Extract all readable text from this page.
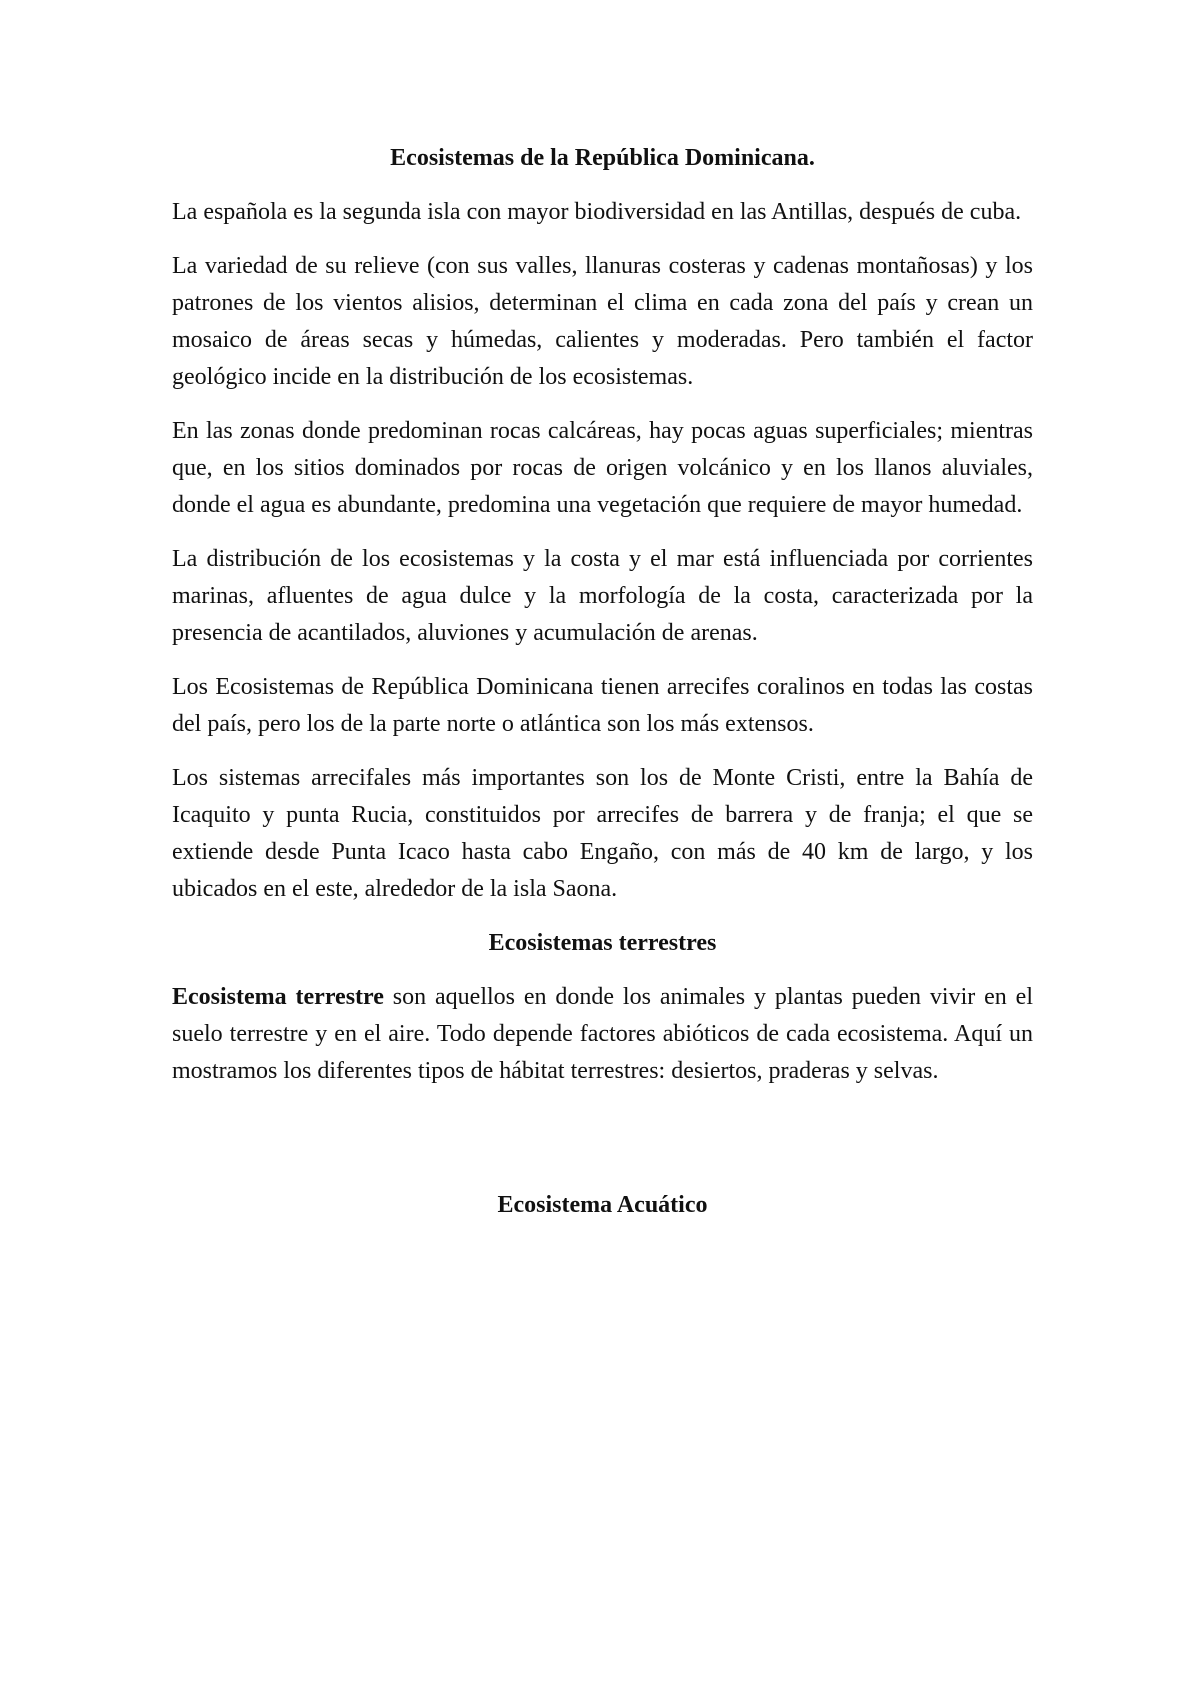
Ecosistemas de la República Dominicana.

La española es la segunda isla con mayor biodiversidad en las Antillas, después de cuba.

La variedad de su relieve (con sus valles, llanuras costeras y cadenas montañosas) y los patrones de los vientos alisios, determinan el clima en cada zona del país y crean un mosaico de áreas secas y húmedas, calientes y moderadas. Pero también el factor geológico incide en la distribución de los ecosistemas.

En las zonas donde predominan rocas calcáreas, hay pocas aguas superficiales; mientras que, en los sitios dominados por rocas de origen volcánico y en los llanos aluviales, donde el agua es abundante, predomina una vegetación que requiere de mayor humedad.

La distribución de los ecosistemas y la costa y el mar está influenciada por corrientes marinas, afluentes de agua dulce y la morfología de la costa, caracterizada por la presencia de acantilados, aluviones y acumulación de arenas.

Los Ecosistemas de República Dominicana tienen arrecifes coralinos en todas las costas del país, pero los de la parte norte o atlántica son los más extensos.

Los sistemas arrecifales más importantes son los de Monte Cristi, entre la Bahía de Icaquito y punta Rucia, constituidos por arrecifes de barrera y de franja; el que se extiende desde Punta Icaco hasta cabo Engaño, con más de 40 km de largo, y los ubicados en el este, alrededor de la isla Saona.

Ecosistemas terrestres

Ecosistema terrestre son aquellos en donde los animales y plantas pueden vivir en el suelo terrestre y en el aire. Todo depende factores abióticos de cada ecosistema. Aquí un mostramos los diferentes tipos de hábitat terrestres: desiertos, praderas y selvas.

Ecosistema Acuático
